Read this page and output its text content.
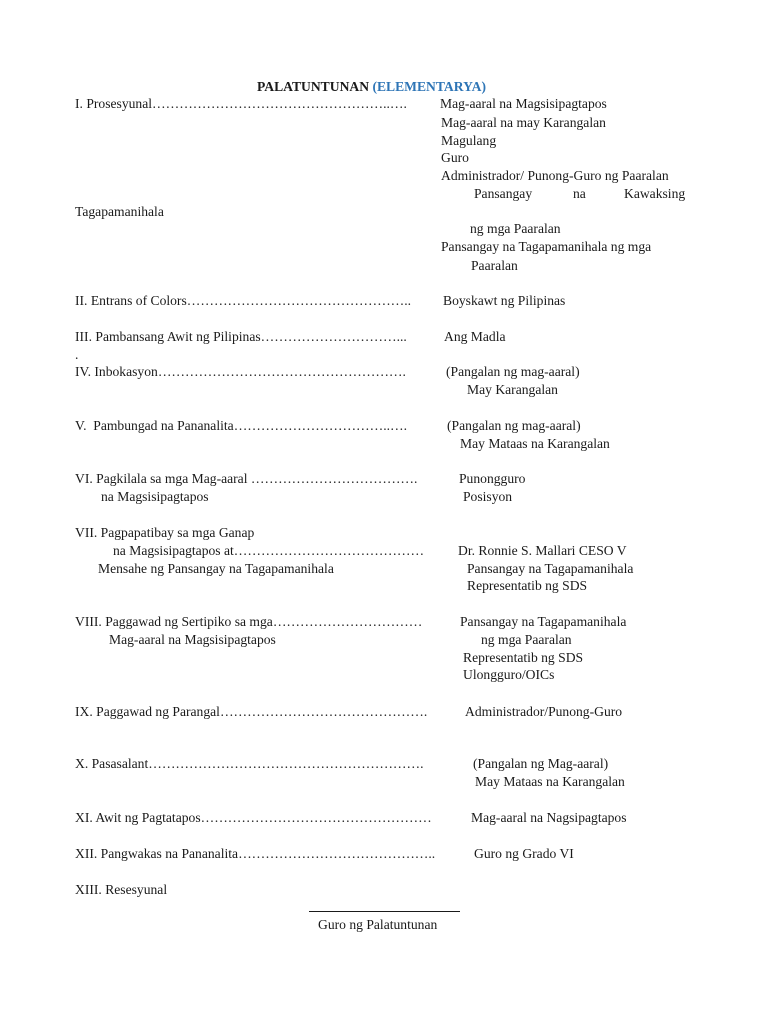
PALATUNTUNAN (ELEMENTARYA)
I. Prosesyunal……………………………………………..…. Mag-aaral na Magsisipagtapos
Mag-aaral na may Karangalan
Magulang
Guro
Administrador/ Punong-Guro ng Paaralan
Pansangay	na	Kawaksing
Tagapamanihala
ng mga Paaralan
Pansangay na Tagapamanihala ng mga
Paaralan
II. Entrans of Colors………………………………………….. Boyskawt ng Pilipinas
III. Pambansang Awit ng Pilipinas…………………………...	Ang Madla
.
IV. Inbokasyon……………………………………………….	(Pangalan ng mag-aaral)
May Karangalan
V.  Pambungad na Pananalita……………………………..….	(Pangalan ng mag-aaral)
May Mataas na Karangalan
VI. Pagkilala sa mga Mag-aaral ……………………………….	Punongguro
na Magsisipagtapos	Posisyon
VII. Pagpapatibay sa mga Ganap
na Magsisipagtapos at…………………………………… Dr. Ronnie S. Mallari CESO V
Mensahe ng Pansangay na Tagapamanihala	Pansangay na Tagapamanihala
Representatib ng SDS
VIII. Paggawad ng Sertipiko sa mga……………………………	Pansangay na Tagapamanihala
Mag-aaral na Magsisipagtapos	ng mga Paaralan
Representatib ng SDS
Ulongguro/OICs
IX. Paggawad ng Parangal……………………………………….	Administrador/Punong-Guro
X. Pasasalant…………………………………………………….	(Pangalan ng Mag-aaral)
May Mataas na Karangalan
XI. Awit ng Pagtatapos……………………………………………	Mag-aaral na Nagsipagtapos
XII. Pangwakas na Pananalita……………………………………..	Guro ng Grado VI
XIII. Resesyunal
Guro ng Palatuntunan
